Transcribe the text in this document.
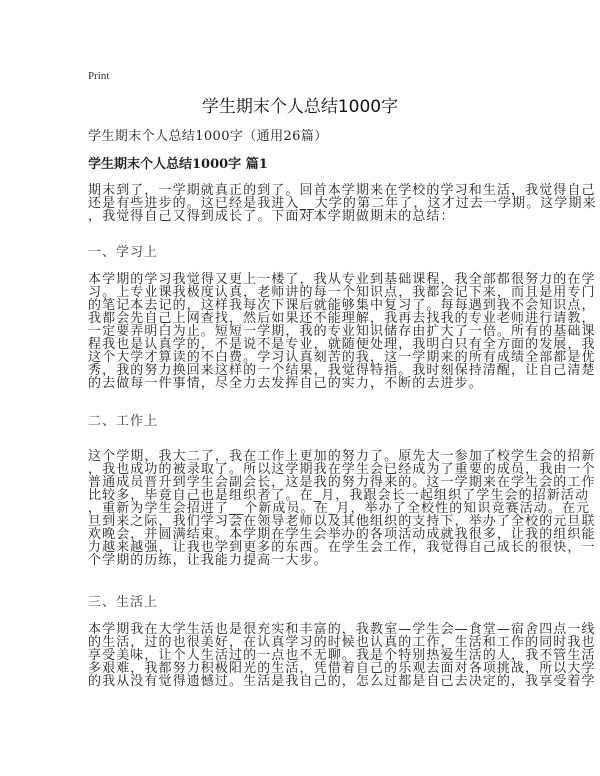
Print
学生期末个人总结1000字
学生期末个人总结1000字（通用26篇）
学生期末个人总结1000字 篇1
期末到了，一学期就真正的到了。回首本学期来在学校的学习和生活，我觉得自己
还是有些进步的。这已经是我进入__大学的第二年了，这才过去一学期。这学期来
，我觉得自己又得到成长了。下面对本学期做期末的总结：
一、学习上
本学期的学习我觉得又更上一楼了，我从专业到基础课程，我全部都很努力的在学
习。上专业课我极度认真，老师讲的每一个知识点，我都会记下来，而且是用专门
的笔记本去记的，这样我每次下课后就能够集中复习了。每每遇到我不会知识点，
我都会先自己上网查找，然后如果还不能理解，我再去找我的专业老师进行请教，
一定要弄明白为止。短短一学期，我的专业知识储存由扩大了一倍。所有的基础课
程我也是认真学的，不是说不是专业，就随便处理，我明白只有全方面的发展，我
这个大学才算读的不白费。学习认真刻苦的我，这一学期来的所有成绩全部都是优
秀，我的努力换回来这样的一个结果，我觉得特指。我时刻保持清醒，让自己清楚
的去做每一件事情，尽全力去发挥自己的实力，不断的去进步。
二、工作上
这个学期，我大二了，我在工作上更加的努力了。原先大一参加了校学生会的招新
，我也成功的被录取了。所以这学期我在学生会已经成为了重要的成员，我由一个
普通成员晋升到学生会副会长，这是我的努力得来的。这一学期来在学生会的工作
比较多，毕竟自己也是组织者了。在_月，我跟会长一起组织了学生会的招新活动
，重新为学生会招进了__个新成员。在_月，举办了全校性的知识竞赛活动。在元
旦到来之际，我们学习会在领导老师以及其他组织的支持下，举办了全校的元旦联
欢晚会，并圆满结束。本学期在学生会举办的各项活动成就我很多，让我的组织能
力越来越强，让我也学到更多的东西。在学生会工作，我觉得自己成长的很快，一
个学期的历练，让我能力提高一大步。
三、生活上
本学期我在大学生活也是很充实和丰富的，我教室—学生会—食堂—宿舍四点一线
的生活，过的也很美好，在认真学习的时候也认真的工作，生活和工作的同时我也
享受美味，让个人生活过的一点也不无聊。我是个特别热爱生活的人，我不管生活
多艰难，我都努力积极阳光的生活，凭借着自己的乐观去面对各项挑战，所以大学
的我从没有觉得遗憾过。生活是我自己的，怎么过都是自己去决定的，我享受着学
